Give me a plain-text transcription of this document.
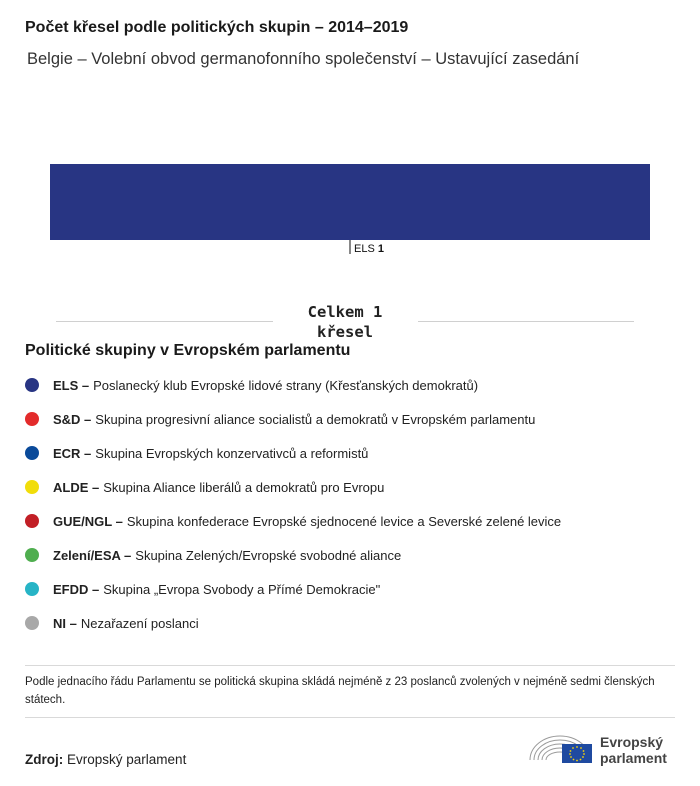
Počet křesel podle politických skupin – 2014–2019
Belgie – Volební obvod germanofonního společenství – Ustavující zasedání
ELS 1
Celkem 1
křesel
Politické skupiny v Evropském parlamentu
ELS – Poslanecký klub Evropské lidové strany (Křesťanských demokratů)
S&D – Skupina progresivní aliance socialistů a demokratů v Evropském parlamentu
ECR – Skupina Evropských konzervativců a reformistů
ALDE – Skupina Aliance liberálů a demokratů pro Evropu
GUE/NGL – Skupina konfederace Evropské sjednocené levice a Severské zelené levice
Zelení/ESA – Skupina Zelených/Evropské svobodné aliance
EFDD – Skupina „Evropa Svobody a Přímé Demokracie"
NI – Nezařazení poslanci
Podle jednacího řádu Parlamentu se politická skupina skládá nejméně z 23 poslanců zvolených v nejméně sedmi členských státech.
Zdroj: Evropský parlament
Evropský
parlament
